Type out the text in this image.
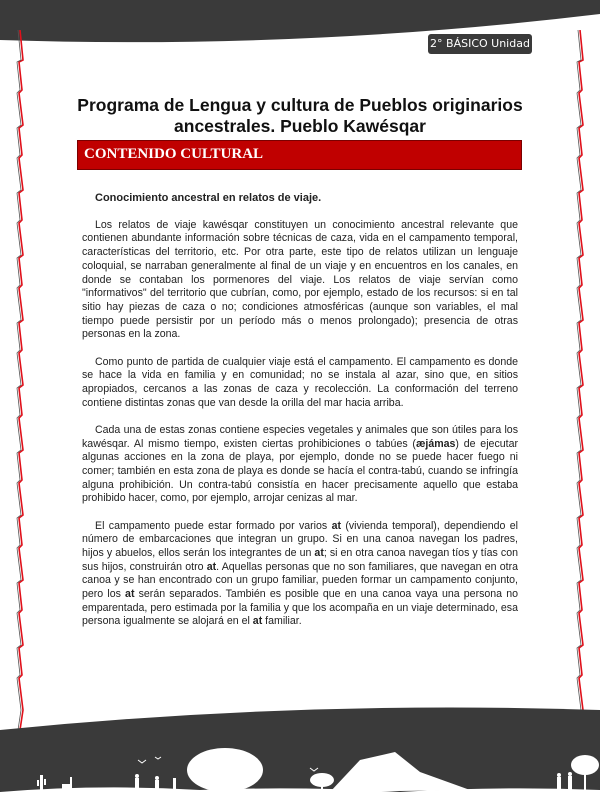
2° BÁSICO Unidad 2
Programa de Lengua y cultura de Pueblos originarios
ancestrales. Pueblo Kawésqar
CONTENIDO CULTURAL
Conocimiento ancestral en relatos de viaje.

Los relatos de viaje kawésqar constituyen un conocimiento ancestral relevante que contienen abundante información sobre técnicas de caza, vida en el campamento temporal, características del territorio, etc. Por otra parte, este tipo de relatos utilizan un lenguaje coloquial, se narraban generalmente al final de un viaje y en encuentros en los canales, en donde se contaban los pormenores del viaje. Los relatos de viaje servían como "informativos" del territorio que cubrían, como, por ejemplo, estado de los recursos: si en tal sitio hay piezas de caza o no; condiciones atmosféricas (aunque son variables, el mal tiempo puede persistir por un período más o menos prolongado); presencia de otras personas en la zona.

Como punto de partida de cualquier viaje está el campamento. El campamento es donde se hace la vida en familia y en comunidad; no se instala al azar, sino que, en sitios apropiados, cercanos a las zonas de caza y recolección. La conformación del terreno contiene distintas zonas que van desde la orilla del mar hacia arriba.

Cada una de estas zonas contiene especies vegetales y animales que son útiles para los kawésqar. Al mismo tiempo, existen ciertas prohibiciones o tabúes (æjámas) de ejecutar algunas acciones en la zona de playa, por ejemplo, donde no se puede hacer fuego ni comer; también en esta zona de playa es donde se hacía el contra-tabú, cuando se infringía alguna prohibición. Un contra-tabú consistía en hacer precisamente aquello que estaba prohibido hacer, como, por ejemplo, arrojar cenizas al mar.

El campamento puede estar formado por varios at (vivienda temporal), dependiendo el número de embarcaciones que integran un grupo. Si en una canoa navegan los padres, hijos y abuelos, ellos serán los integrantes de un at; si en otra canoa navegan tíos y tías con sus hijos, construirán otro at. Aquellas personas que no son familiares, que navegan en otra canoa y se han encontrado con un grupo familiar, pueden formar un campamento conjunto, pero los at serán separados. También es posible que en una canoa vaya una persona no emparentada, pero estimada por la familia y que los acompaña en un viaje determinado, esa persona igualmente se alojará en el at familiar.
